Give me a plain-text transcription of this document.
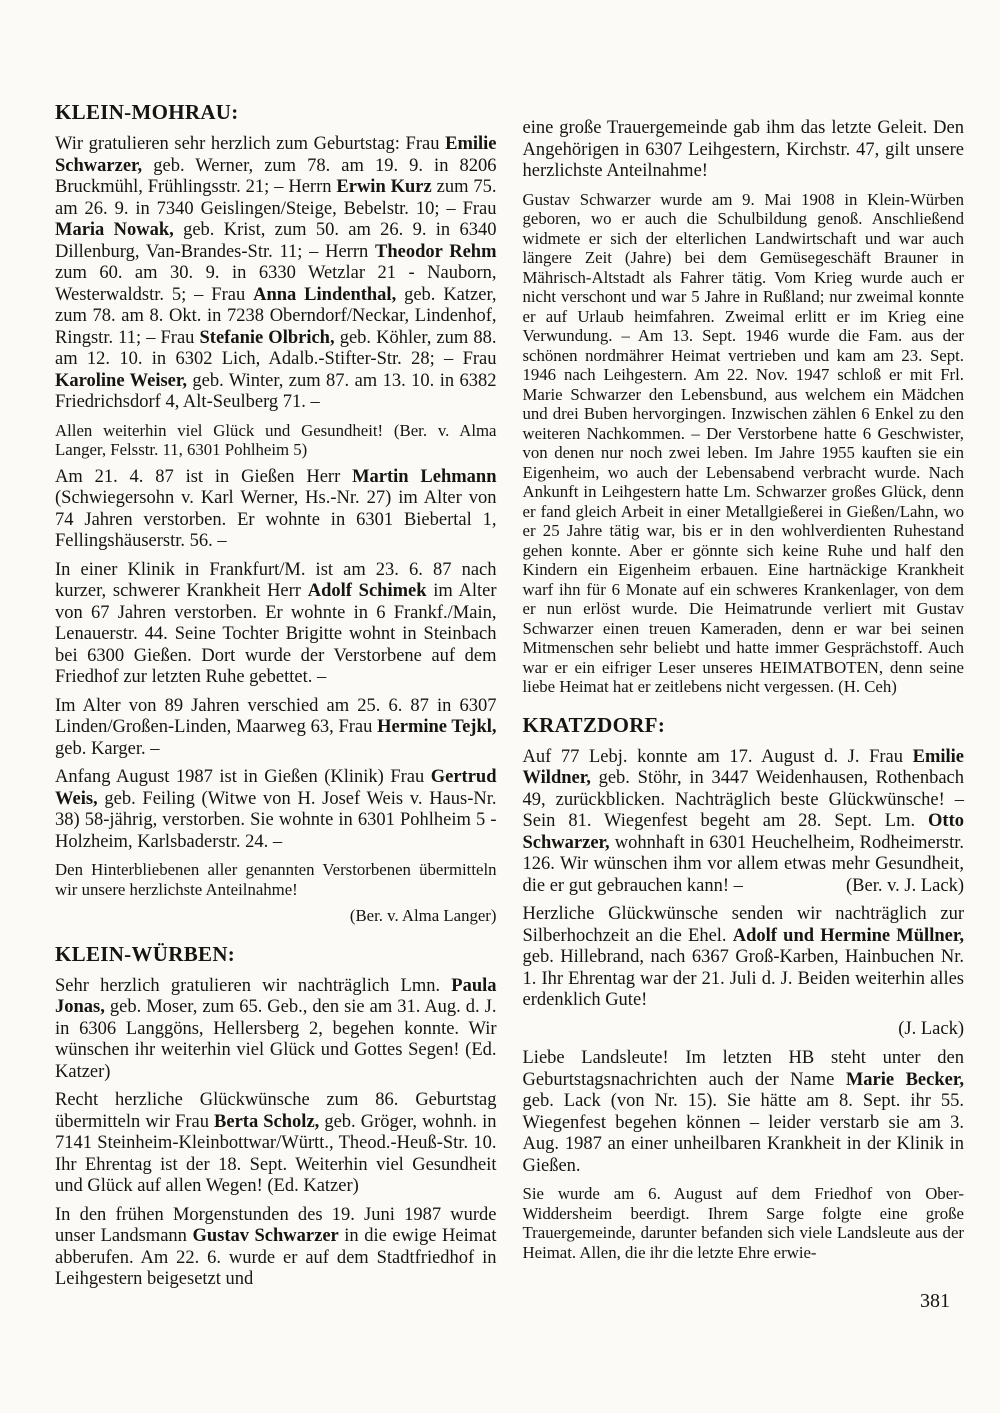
KLEIN-MOHRAU:

Wir gratulieren sehr herzlich zum Geburtstag: Frau Emilie Schwarzer, geb. Werner, zum 78. am 19. 9. in 8206 Bruckmühl, Frühlingsstr. 21; – Herrn Erwin Kurz zum 75. am 26. 9. in 7340 Geislingen/Steige, Bebelstr. 10; – Frau Maria Nowak, geb. Krist, zum 50. am 26. 9. in 6340 Dillenburg, Van-Brandes-Str. 11; – Herrn Theodor Rehm zum 60. am 30. 9. in 6330 Wetzlar 21 - Nauborn, Westerwaldstr. 5; – Frau Anna Lindenthal, geb. Katzer, zum 78. am 8. Okt. in 7238 Oberndorf/Neckar, Lindenhof, Ringstr. 11; – Frau Stefanie Olbrich, geb. Köhler, zum 88. am 12. 10. in 6302 Lich, Adalb.-Stifter-Str. 28; – Frau Karoline Weiser, geb. Winter, zum 87. am 13. 10. in 6382 Friedrichsdorf 4, Alt-Seulberg 71. –

Allen weiterhin viel Glück und Gesundheit! (Ber. v. Alma Langer, Felsstr. 11, 6301 Pohlheim 5)

Am 21. 4. 87 ist in Gießen Herr Martin Lehmann (Schwiegersohn v. Karl Werner, Hs.-Nr. 27) im Alter von 74 Jahren verstorben. Er wohnte in 6301 Biebertal 1, Fellingshäuserstr. 56. –

In einer Klinik in Frankfurt/M. ist am 23. 6. 87 nach kurzer, schwerer Krankheit Herr Adolf Schimek im Alter von 67 Jahren verstorben. Er wohnte in 6 Frankf./Main, Lenauerstr. 44. Seine Tochter Brigitte wohnt in Steinbach bei 6300 Gießen. Dort wurde der Verstorbene auf dem Friedhof zur letzten Ruhe gebettet. –

Im Alter von 89 Jahren verschied am 25. 6. 87 in 6307 Linden/Großen-Linden, Maarweg 63, Frau Hermine Tejkl, geb. Karger. –

Anfang August 1987 ist in Gießen (Klinik) Frau Gertrud Weis, geb. Feiling (Witwe von H. Josef Weis v. Haus-Nr. 38) 58-jährig, verstorben. Sie wohnte in 6301 Pohlheim 5 - Holzheim, Karlsbaderstr. 24. –

Den Hinterbliebenen aller genannten Verstorbenen übermitteln wir unsere herzlichste Anteilnahme!

(Ber. v. Alma Langer)
KLEIN-WÜRBEN:

Sehr herzlich gratulieren wir nachträglich Lmn. Paula Jonas, geb. Moser, zum 65. Geb., den sie am 31. Aug. d. J. in 6306 Langgöns, Hellersberg 2, begehen konnte. Wir wünschen ihr weiterhin viel Glück und Gottes Segen! (Ed. Katzer)

Recht herzliche Glückwünsche zum 86. Geburtstag übermitteln wir Frau Berta Scholz, geb. Gröger, wohnh. in 7141 Steinheim-Kleinbottwar/Württ., Theod.-Heuß-Str. 10. Ihr Ehrentag ist der 18. Sept. Weiterhin viel Gesundheit und Glück auf allen Wegen! (Ed. Katzer)

In den frühen Morgenstunden des 19. Juni 1987 wurde unser Landsmann Gustav Schwarzer in die ewige Heimat abberufen. Am 22. 6. wurde er auf dem Stadtfriedhof in Leihgestern beigesetzt und

eine große Trauergemeinde gab ihm das letzte Geleit. Den Angehörigen in 6307 Leihgestern, Kirchstr. 47, gilt unsere herzlichste Anteilnahme!

Gustav Schwarzer wurde am 9. Mai 1908 in Klein-Würben geboren, wo er auch die Schulbildung genoß. Anschließend widmete er sich der elterlichen Landwirtschaft und war auch längere Zeit (Jahre) bei dem Gemüsegeschäft Brauner in Mährisch-Altstadt als Fahrer tätig. Vom Krieg wurde auch er nicht verschont und war 5 Jahre in Rußland; nur zweimal konnte er auf Urlaub heimfahren. Zweimal erlitt er im Krieg eine Verwundung. – Am 13. Sept. 1946 wurde die Fam. aus der schönen nordmährer Heimat vertrieben und kam am 23. Sept. 1946 nach Leihgestern. Am 22. Nov. 1947 schloß er mit Frl. Marie Schwarzer den Lebensbund, aus welchem ein Mädchen und drei Buben hervorgingen. Inzwischen zählen 6 Enkel zu den weiteren Nachkommen. – Der Verstorbene hatte 6 Geschwister, von denen nur noch zwei leben. Im Jahre 1955 kauften sie ein Eigenheim, wo auch der Lebensabend verbracht wurde. Nach Ankunft in Leihgestern hatte Lm. Schwarzer großes Glück, denn er fand gleich Arbeit in einer Metallgießerei in Gießen/Lahn, wo er 25 Jahre tätig war, bis er in den wohlverdienten Ruhestand gehen konnte. Aber er gönnte sich keine Ruhe und half den Kindern ein Eigenheim erbauen. Eine hartnäckige Krankheit warf ihn für 6 Monate auf ein schweres Krankenlager, von dem er nun erlöst wurde. Die Heimatrunde verliert mit Gustav Schwarzer einen treuen Kameraden, denn er war bei seinen Mitmenschen sehr beliebt und hatte immer Gesprächstoff. Auch war er ein eifriger Leser unseres HEIMATBOTEN, denn seine liebe Heimat hat er zeitlebens nicht vergessen. (H. Ceh)

KRATZDORF:

Auf 77 Lebj. konnte am 17. August d. J. Frau Emilie Wildner, geb. Stöhr, in 3447 Weidenhausen, Rothenbach 49, zurückblicken. Nachträglich beste Glückwünsche! – Sein 81. Wiegenfest begeht am 28. Sept. Lm. Otto Schwarzer, wohnhaft in 6301 Heuchelheim, Rodheimerstr. 126. Wir wünschen ihm vor allem etwas mehr Gesundheit, die er gut gebrauchen kann! –	(Ber. v. J. Lack)

Herzliche Glückwünsche senden wir nachträglich zur Silberhochzeit an die Ehel. Adolf und Hermine Müllner, geb. Hillebrand, nach 6367 Groß-Karben, Hainbuchen Nr. 1. Ihr Ehrentag war der 21. Juli d. J. Beiden weiterhin alles erdenklich Gute!

(J. Lack)

Liebe Landsleute! Im letzten HB steht unter den Geburtstagsnachrichten auch der Name Marie Becker, geb. Lack (von Nr. 15). Sie hätte am 8. Sept. ihr 55. Wiegenfest begehen können – leider verstarb sie am 3. Aug. 1987 an einer unheilbaren Krankheit in der Klinik in Gießen.

Sie wurde am 6. August auf dem Friedhof von Ober-Widdersheim beerdigt. Ihrem Sarge folgte eine große Trauergemeinde, darunter befanden sich viele Landsleute aus der Heimat. Allen, die ihr die letzte Ehre erwie-

381
